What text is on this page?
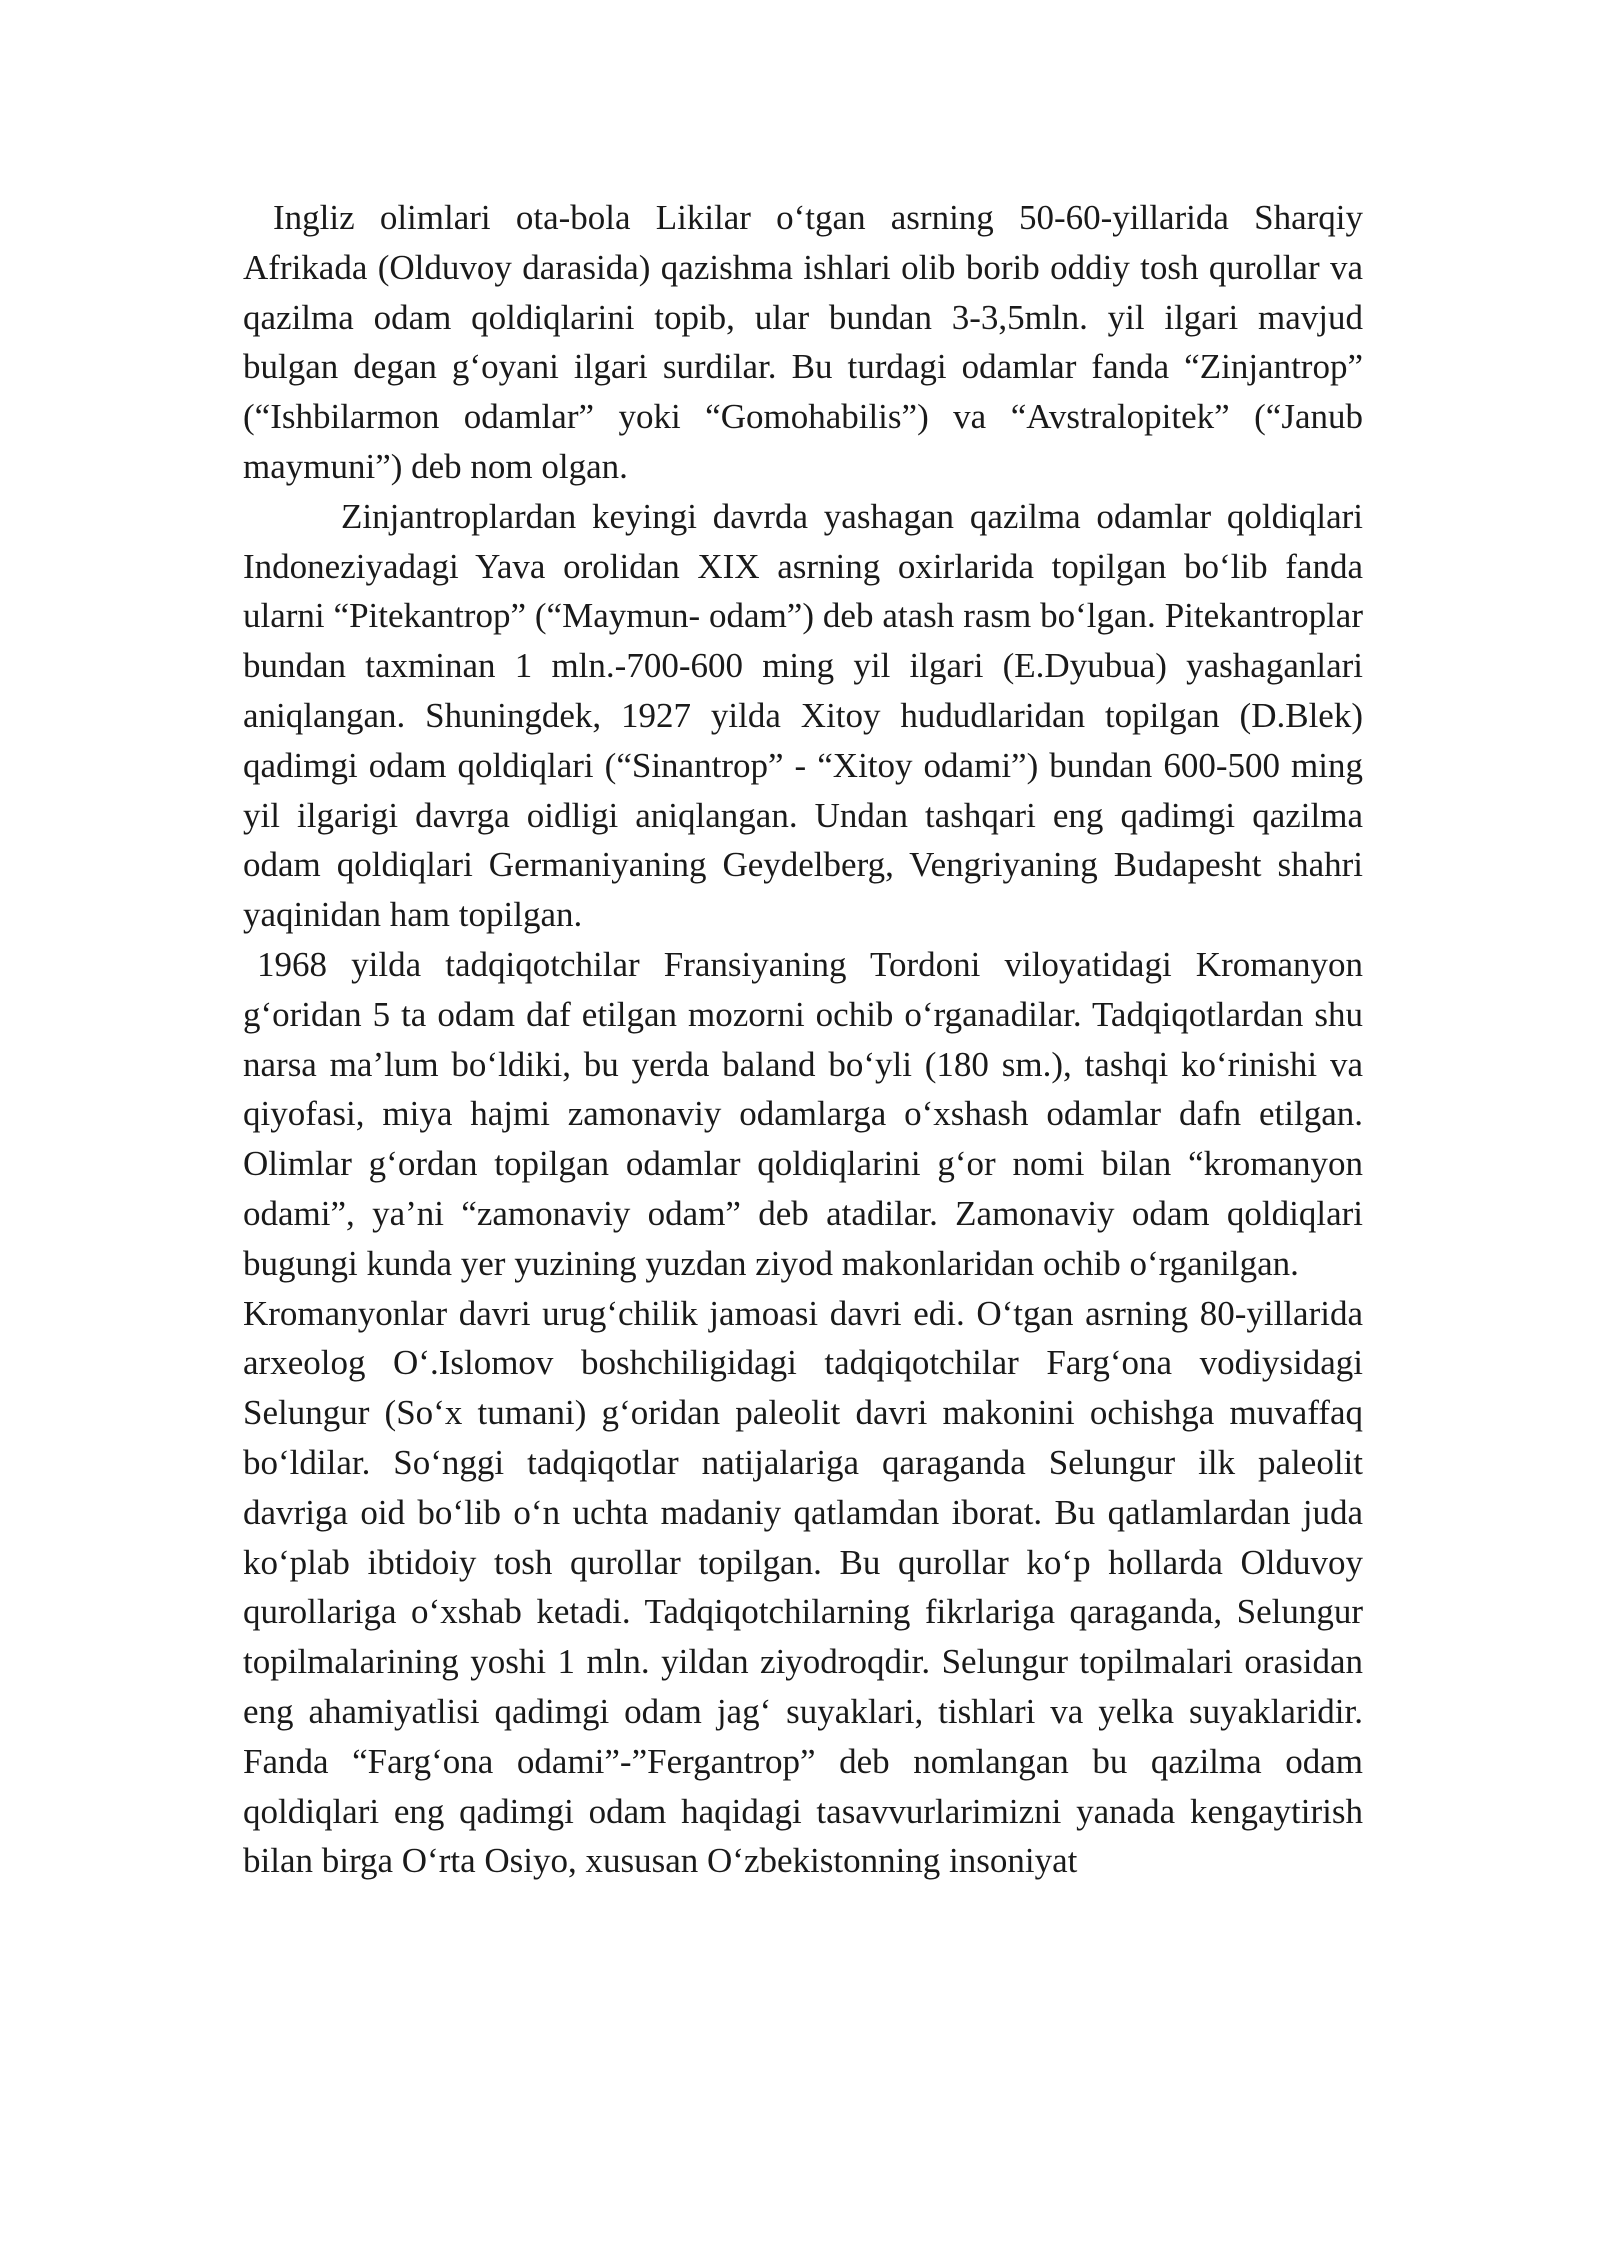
Ingliz olimlari ota-bola Likilar o‘tgan asrning 50-60-yillarida Sharqiy Afrikada (Olduvoy darasida) qazishma ishlari olib borib oddiy tosh qurollar va qazilma odam qoldiqlarini topib, ular bundan 3-3,5mln. yil ilgari mavjud bulgan degan g‘oyani ilgari surdilar. Bu turdagi odamlar fanda “Zinjantrop” (“Ishbilarmon odamlar” yoki “Gomohabilis”) va “Avstralopitek” (“Janub maymuni”) deb nom olgan.

Zinjantroplardan keyingi davrda yashagan qazilma odamlar qoldiqlari Indoneziyadagi Yava orolidan XIX asrning oxirlarida topilgan bo‘lib fanda ularni “Pitekantrop” (“Maymun- odam”) deb atash rasm bo‘lgan. Pitekantroplar bundan taxminan 1 mln.-700-600 ming yil ilgari (E.Dyubua) yashaganlari aniqlangan. Shuningdek, 1927 yilda Xitoy hududlaridan topilgan (D.Blek) qadimgi odam qoldiqlari (“Sinantrop” - “Xitoy odami”) bundan 600-500 ming yil ilgarigi davrga oidligi aniqlangan. Undan tashqari eng qadimgi qazilma odam qoldiqlari Germaniyaning Geydelberg, Vengriyaning Budapesht shahri yaqinidan ham topilgan.

1968 yilda tadqiqotchilar Fransiyaning Tordoni viloyatidagi Kromanyon g‘oridan 5 ta odam daf etilgan mozorni ochib o‘rganadilar. Tadqiqotlardan shu narsa ma’lum bo‘ldiki, bu yerda baland bo‘yli (180 sm.), tashqi ko‘rinishi va qiyofasi, miya hajmi zamonaviy odamlarga o‘xshash odamlar dafn etilgan. Olimlar g‘ordan topilgan odamlar qoldiqlarini g‘or nomi bilan “kromanyon odami”, ya’ni “zamonaviy odam” deb atadilar. Zamonaviy odam qoldiqlari bugungi kunda yer yuzining yuzdan ziyod makonlaridan ochib o‘rganilgan.

Kromanyonlar davri urug‘chilik jamoasi davri edi. O‘tgan asrning 80-yillarida arxeolog O‘.Islomov boshchiligidagi tadqiqotchilar Farg‘ona vodiysidagi Selungur (So‘x tumani) g‘oridan paleolit davri makonini ochishga muvaffaq bo‘ldilar. So‘nggi tadqiqotlar natijalariga qaraganda Selungur ilk paleolit davriga oid bo‘lib o‘n uchta madaniy qatlamdan iborat. Bu qatlamlardan juda ko‘plab ibtidoiy tosh qurollar topilgan. Bu qurollar ko‘p hollarda Olduvoy qurollariga o‘xshab ketadi. Tadqiqotchilarning fikrlariga qaraganda, Selungur topilmalarining yoshi 1 mln. yildan ziyodroqdir. Selungur topilmalari orasidan eng ahamiyatlisi qadimgi odam jag‘ suyaklari, tishlari va yelka suyaklaridir. Fanda “Farg‘ona odami”-”Fergantrop” deb nomlangan bu qazilma odam qoldiqlari eng qadimgi odam haqidagi tasavvurlarimizni yanada kengaytirish bilan birga O‘rta Osiyo, xususan O‘zbekistonning insoniyat
